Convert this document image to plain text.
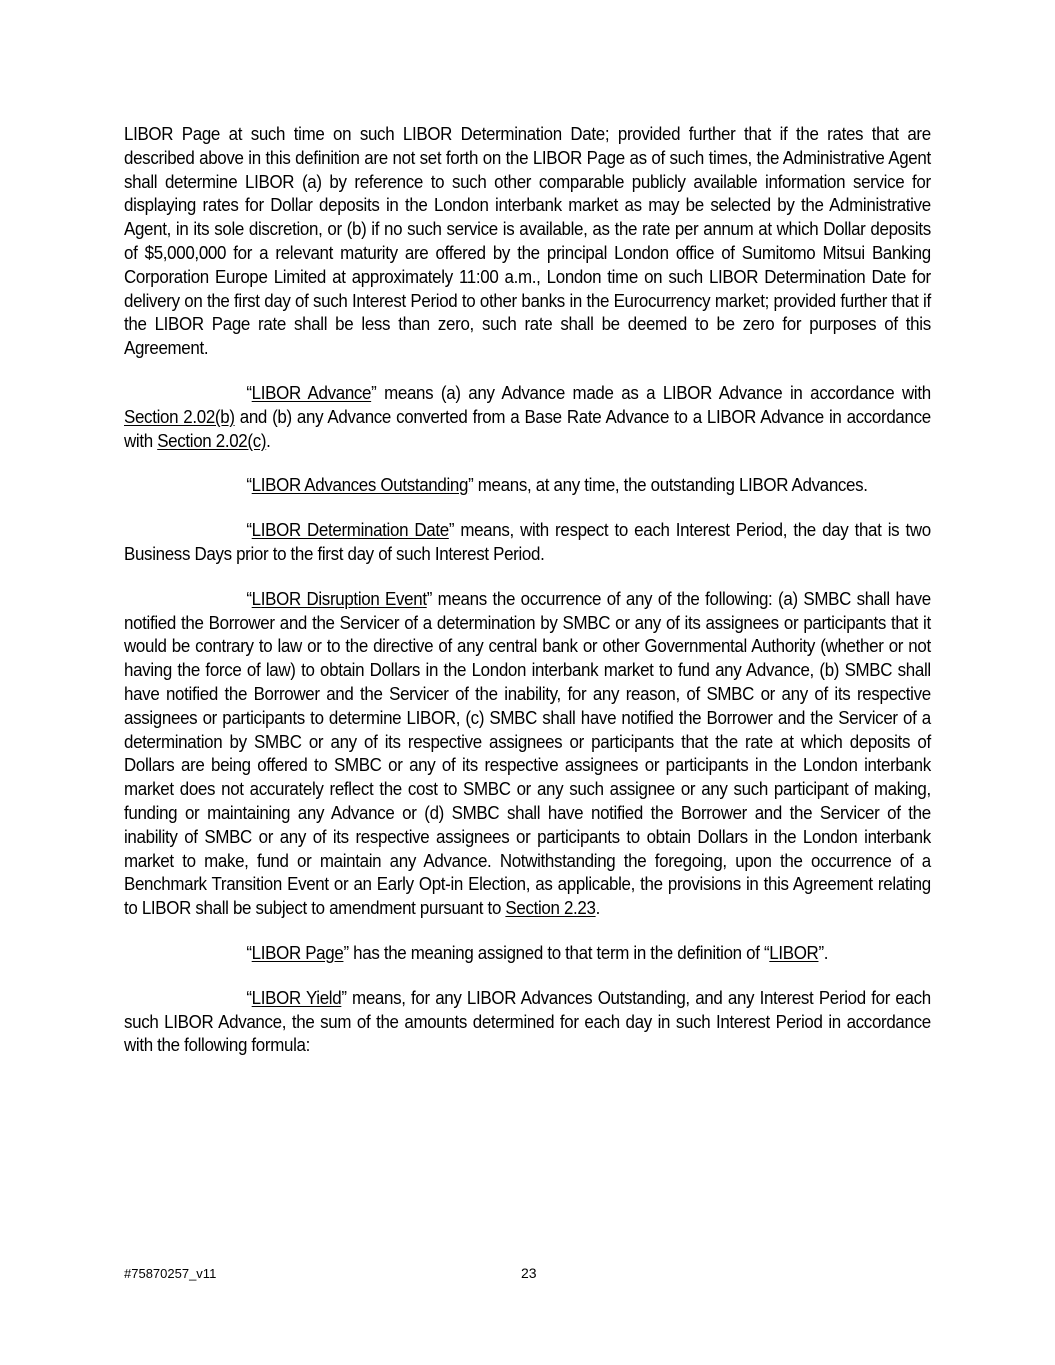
LIBOR Page at such time on such LIBOR Determination Date; provided further that if the rates that are described above in this definition are not set forth on the LIBOR Page as of such times, the Administrative Agent shall determine LIBOR (a) by reference to such other comparable publicly available information service for displaying rates for Dollar deposits in the London interbank market as may be selected by the Administrative Agent, in its sole discretion, or (b) if no such service is available, as the rate per annum at which Dollar deposits of $5,000,000 for a relevant maturity are offered by the principal London office of Sumitomo Mitsui Banking Corporation Europe Limited at approximately 11:00 a.m., London time on such LIBOR Determination Date for delivery on the first day of such Interest Period to other banks in the Eurocurrency market; provided further that if the LIBOR Page rate shall be less than zero, such rate shall be deemed to be zero for purposes of this Agreement.

“LIBOR Advance” means (a) any Advance made as a LIBOR Advance in accordance with Section 2.02(b) and (b) any Advance converted from a Base Rate Advance to a LIBOR Advance in accordance with Section 2.02(c).

“LIBOR Advances Outstanding” means, at any time, the outstanding LIBOR Advances.

“LIBOR Determination Date” means, with respect to each Interest Period, the day that is two Business Days prior to the first day of such Interest Period.

“LIBOR Disruption Event” means the occurrence of any of the following: (a) SMBC shall have notified the Borrower and the Servicer of a determination by SMBC or any of its assignees or participants that it would be contrary to law or to the directive of any central bank or other Governmental Authority (whether or not having the force of law) to obtain Dollars in the London interbank market to fund any Advance, (b) SMBC shall have notified the Borrower and the Servicer of the inability, for any reason, of SMBC or any of its respective assignees or participants to determine LIBOR, (c) SMBC shall have notified the Borrower and the Servicer of a determination by SMBC or any of its respective assignees or participants that the rate at which deposits of Dollars are being offered to SMBC or any of its respective assignees or participants in the London interbank market does not accurately reflect the cost to SMBC or any such assignee or any such participant of making, funding or maintaining any Advance or (d) SMBC shall have notified the Borrower and the Servicer of the inability of SMBC or any of its respective assignees or participants to obtain Dollars in the London interbank market to make, fund or maintain any Advance. Notwithstanding the foregoing, upon the occurrence of a Benchmark Transition Event or an Early Opt-in Election, as applicable, the provisions in this Agreement relating to LIBOR shall be subject to amendment pursuant to Section 2.23.

“LIBOR Page” has the meaning assigned to that term in the definition of “LIBOR”.

“LIBOR Yield” means, for any LIBOR Advances Outstanding, and any Interest Period for each such LIBOR Advance, the sum of the amounts determined for each day in such Interest Period in accordance with the following formula:

#75870257_v11	23
